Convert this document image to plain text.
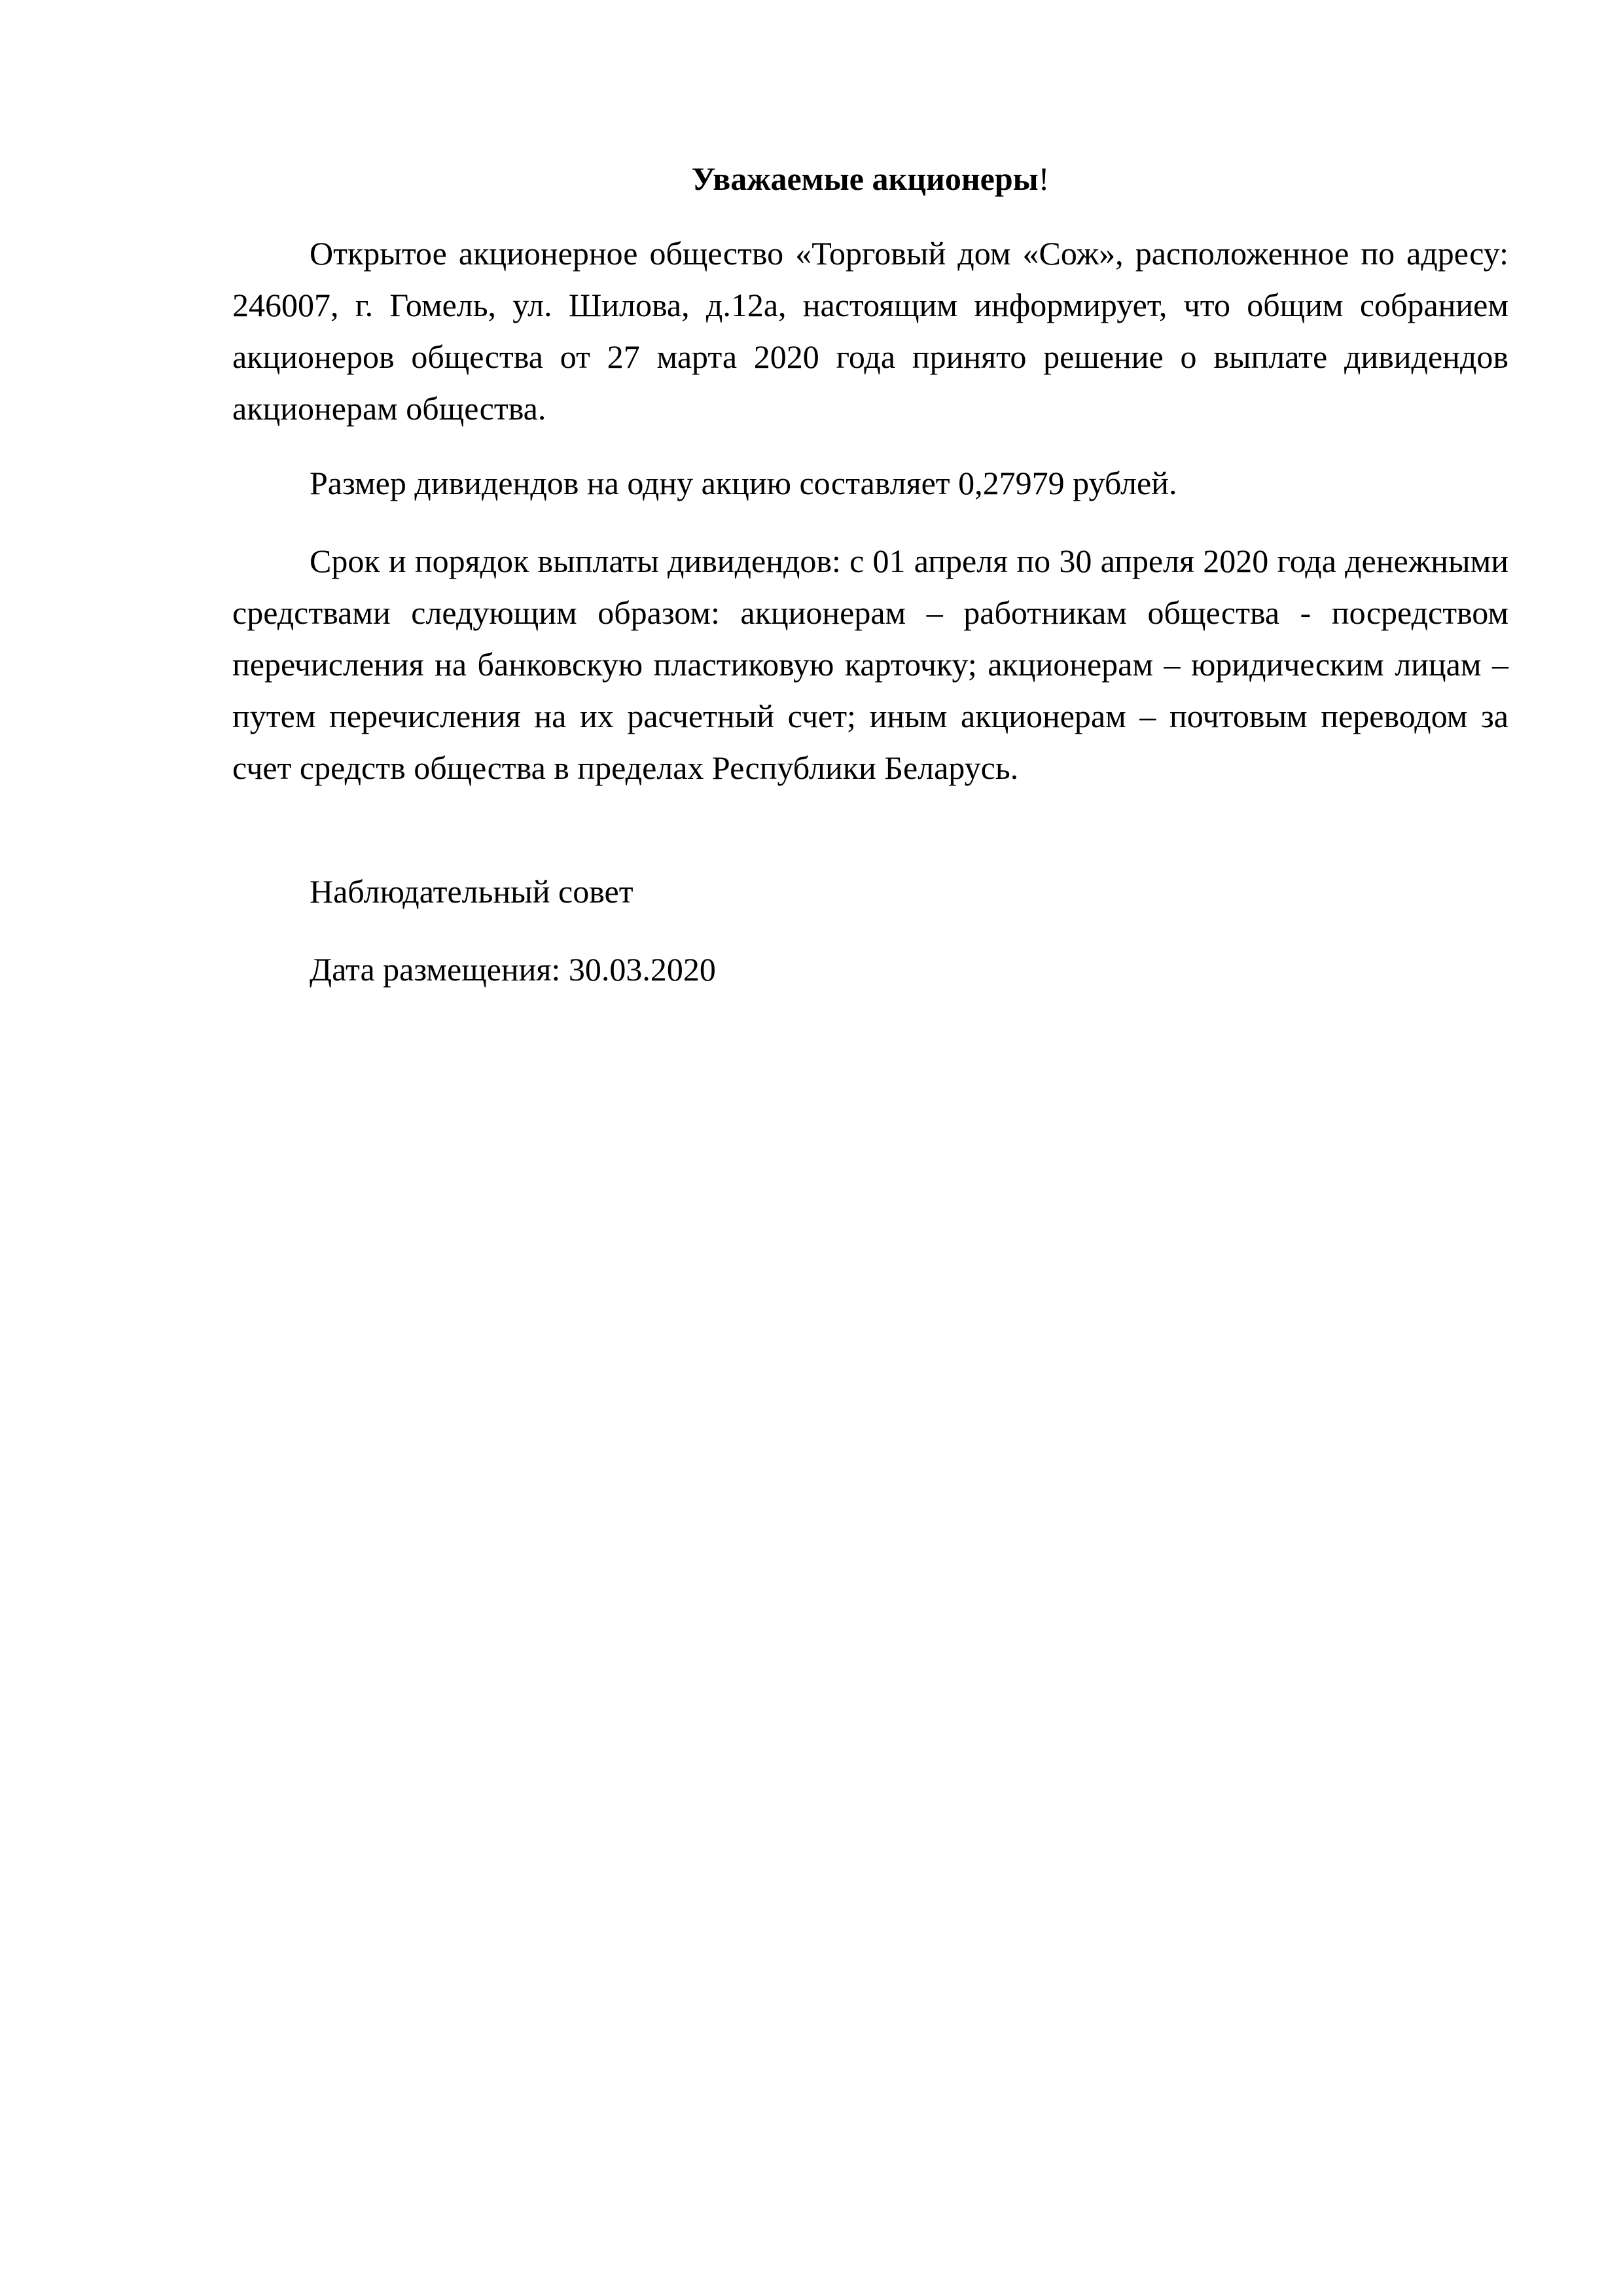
Уважаемые акционеры!

Открытое акционерное общество «Торговый дом «Сож», расположенное по адресу: 246007, г. Гомель, ул. Шилова, д.12а, настоящим информирует, что общим собранием акционеров общества от 27 марта 2020 года принято решение о выплате дивидендов акционерам общества.

Размер дивидендов на одну акцию составляет 0,27979 рублей.

Срок и порядок выплаты дивидендов: с 01 апреля по 30 апреля 2020 года денежными средствами следующим образом: акционерам – работникам общества - посредством перечисления на банковскую пластиковую карточку; акционерам – юридическим лицам – путем перечисления на их расчетный счет; иным акционерам – почтовым переводом за счет средств общества в пределах Республики Беларусь.

Наблюдательный совет
Дата размещения: 30.03.2020
